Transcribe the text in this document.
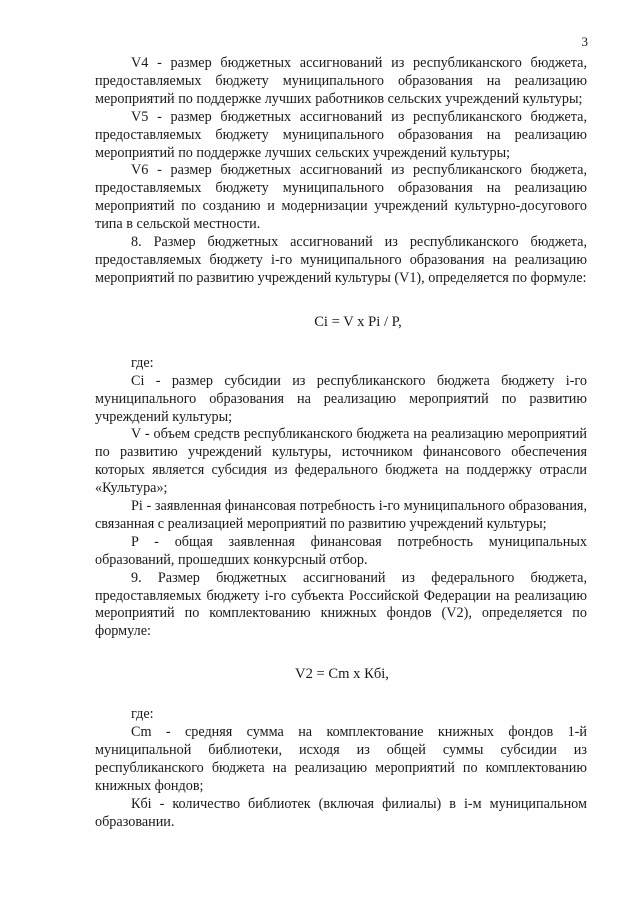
3

V4 - размер бюджетных ассигнований из республиканского бюджета, предоставляемых бюджету муниципального образования на реализацию мероприятий по поддержке лучших работников сельских учреждений культуры;

V5 - размер бюджетных ассигнований из республиканского бюджета, предоставляемых бюджету муниципального образования на реализацию мероприятий по поддержке лучших сельских учреждений культуры;

V6 - размер бюджетных ассигнований из республиканского бюджета, предоставляемых бюджету муниципального образования на реализацию мероприятий по созданию и модернизации учреждений культурно-досугового типа в сельской местности.

8. Размер бюджетных ассигнований из республиканского бюджета, предоставляемых бюджету i-го муниципального образования на реализацию мероприятий по развитию учреждений культуры (V1), определяется по формуле:

Ci = V x Pi / P,

где:

Ci - размер субсидии из республиканского бюджета бюджету i-го муниципального образования на реализацию мероприятий по развитию учреждений культуры;

V - объем средств республиканского бюджета на реализацию мероприятий по развитию учреждений культуры, источником финансового обеспечения которых является субсидия из федерального бюджета на поддержку отрасли «Культура»;

Pi - заявленная финансовая потребность i-го муниципального образования, связанная с реализацией мероприятий по развитию учреждений культуры;

P - общая заявленная финансовая потребность муниципальных образований, прошедших конкурсный отбор.

9. Размер бюджетных ассигнований из федерального бюджета, предоставляемых бюджету i-го субъекта Российской Федерации на реализацию мероприятий по комплектованию книжных фондов (V2), определяется по формуле:

V2 = Cm x Кбi,

где:

Cm - средняя сумма на комплектование книжных фондов 1-й муниципальной библиотеки, исходя из общей суммы субсидии из республиканского бюджета на реализацию мероприятий по комплектованию книжных фондов;

Кбi - количество библиотек (включая филиалы) в i-м муниципальном образовании.
